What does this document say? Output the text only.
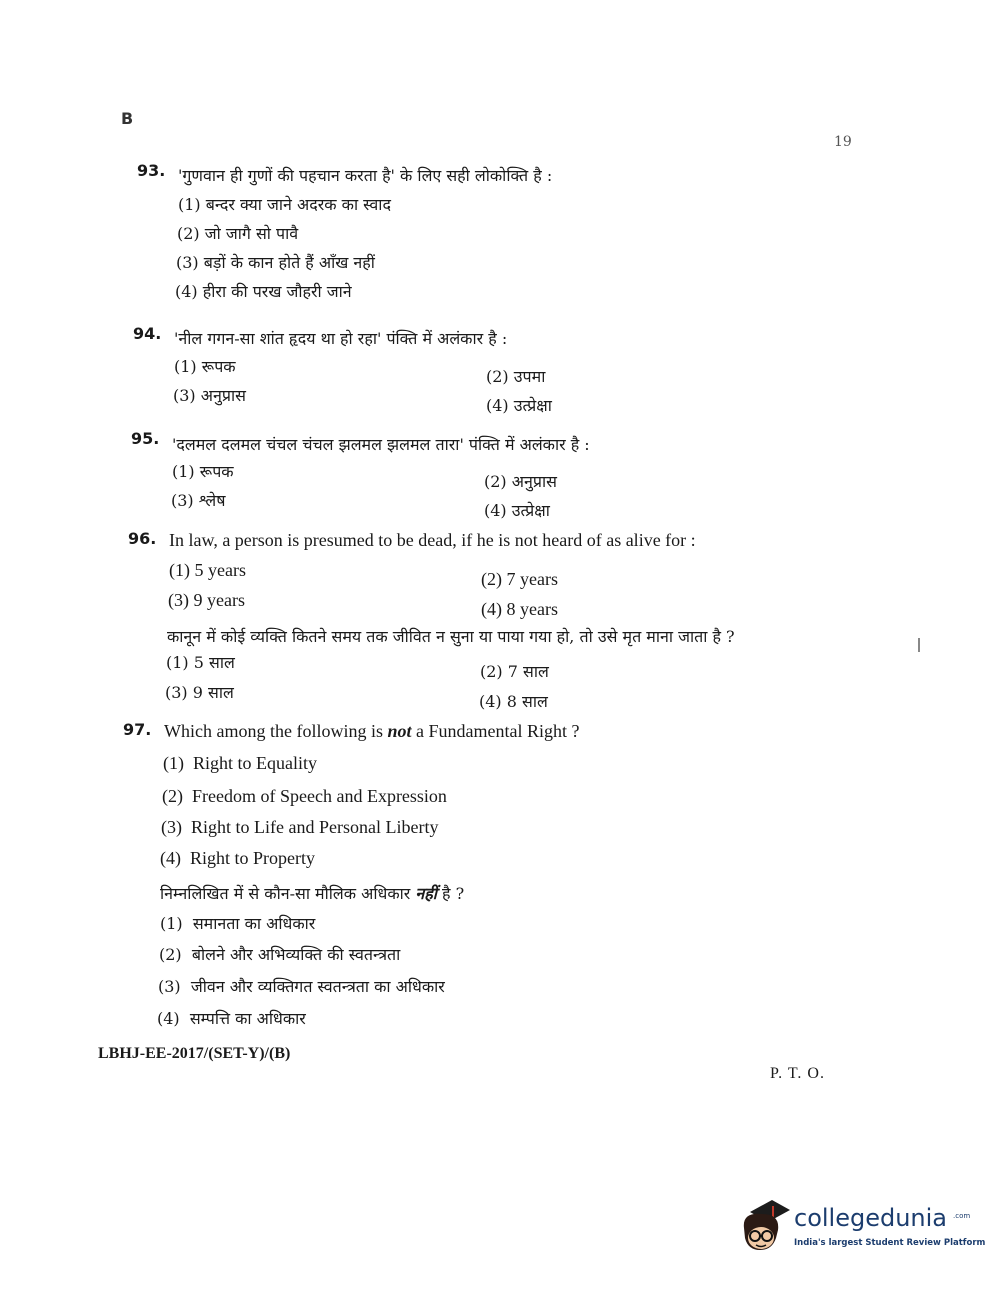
B
19
93. 'गुणवान ही गुणों की पहचान करता है' के लिए सही लोकोक्ति है :
(1) बन्दर क्या जाने अदरक का स्वाद
(2) जो जागै सो पावै
(3) बड़ों के कान होते हैं आँख नहीं
(4) हीरा की परख जौहरी जाने
94. 'नील गगन-सा शांत हृदय था हो रहा' पंक्ति में अलंकार है :
(1) रूपक
(2) उपमा
(3) अनुप्रास
(4) उत्प्रेक्षा
95. 'दलमल दलमल चंचल चंचल झलमल झलमल तारा' पंक्ति में अलंकार है :
(1) रूपक
(2) अनुप्रास
(3) श्लेष
(4) उत्प्रेक्षा
96. In law, a person is presumed to be dead, if he is not heard of as alive for :
(1) 5 years	(2) 7 years
(3) 9 years	(4) 8 years
कानून में कोई व्यक्ति कितने समय तक जीवित न सुना या पाया गया हो, तो उसे मृत माना जाता है ?
(1) 5 साल	(2) 7 साल
(3) 9 साल	(4) 8 साल
97. Which among the following is not a Fundamental Right ?
(1) Right to Equality
(2) Freedom of Speech and Expression
(3) Right to Life and Personal Liberty
(4) Right to Property
निम्नलिखित में से कौन-सा मौलिक अधिकार नहीं है ?
(1) समानता का अधिकार
(2) बोलने और अभिव्यक्ति की स्वतन्त्रता
(3) जीवन और व्यक्तिगत स्वतन्त्रता का अधिकार
(4) सम्पत्ति का अधिकार
LBHJ-EE-2017/(SET-Y)/(B)
P. T. O.
collegedunia .com
India's largest Student Review Platform
